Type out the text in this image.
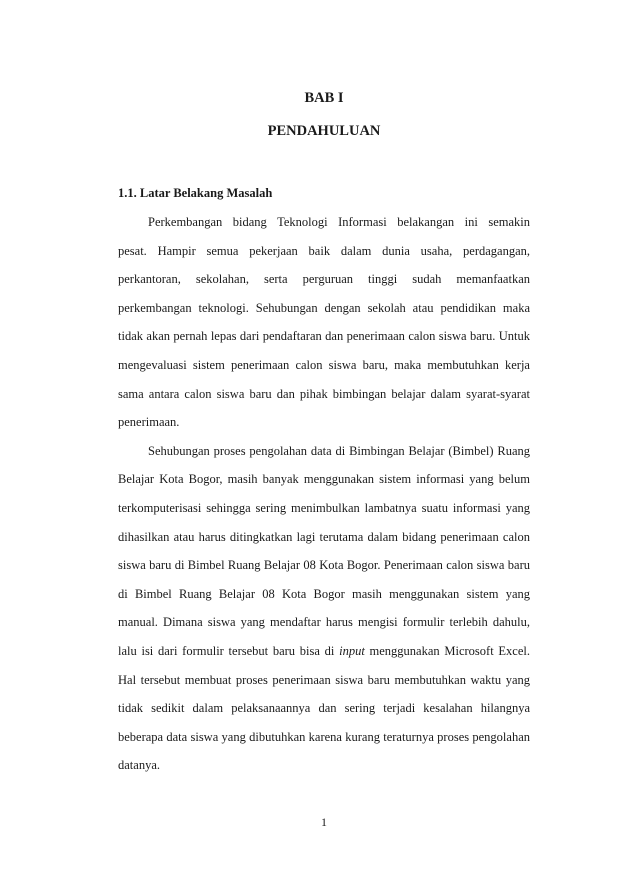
BAB I
PENDAHULUAN
1.1. Latar Belakang Masalah
Perkembangan bidang Teknologi Informasi belakangan ini semakin
pesat. Hampir semua pekerjaan baik dalam dunia usaha, perdagangan,
perkantoran, sekolahan, serta perguruan tinggi sudah memanfaatkan
perkembangan teknologi. Sehubungan dengan sekolah atau pendidikan maka
tidak akan pernah lepas dari pendaftaran dan penerimaan calon siswa baru. Untuk
mengevaluasi sistem penerimaan calon siswa baru, maka membutuhkan kerja
sama antara calon siswa baru dan pihak bimbingan belajar dalam syarat-syarat
penerimaan.
Sehubungan proses pengolahan data di Bimbingan Belajar (Bimbel) Ruang
Belajar Kota Bogor, masih banyak menggunakan sistem informasi yang belum
terkomputerisasi sehingga sering menimbulkan lambatnya suatu informasi yang
dihasilkan atau harus ditingkatkan lagi terutama dalam bidang penerimaan calon
siswa baru di Bimbel Ruang Belajar 08 Kota Bogor. Penerimaan calon siswa baru
di Bimbel Ruang Belajar 08 Kota Bogor masih menggunakan sistem yang
manual. Dimana siswa yang mendaftar harus mengisi formulir terlebih dahulu,
lalu isi dari formulir tersebut baru bisa di input menggunakan Microsoft Excel.
Hal tersebut membuat proses penerimaan siswa baru membutuhkan waktu yang
tidak sedikit dalam pelaksanaannya dan sering terjadi kesalahan hilangnya
beberapa data siswa yang dibutuhkan karena kurang teraturnya proses pengolahan
datanya.
1
